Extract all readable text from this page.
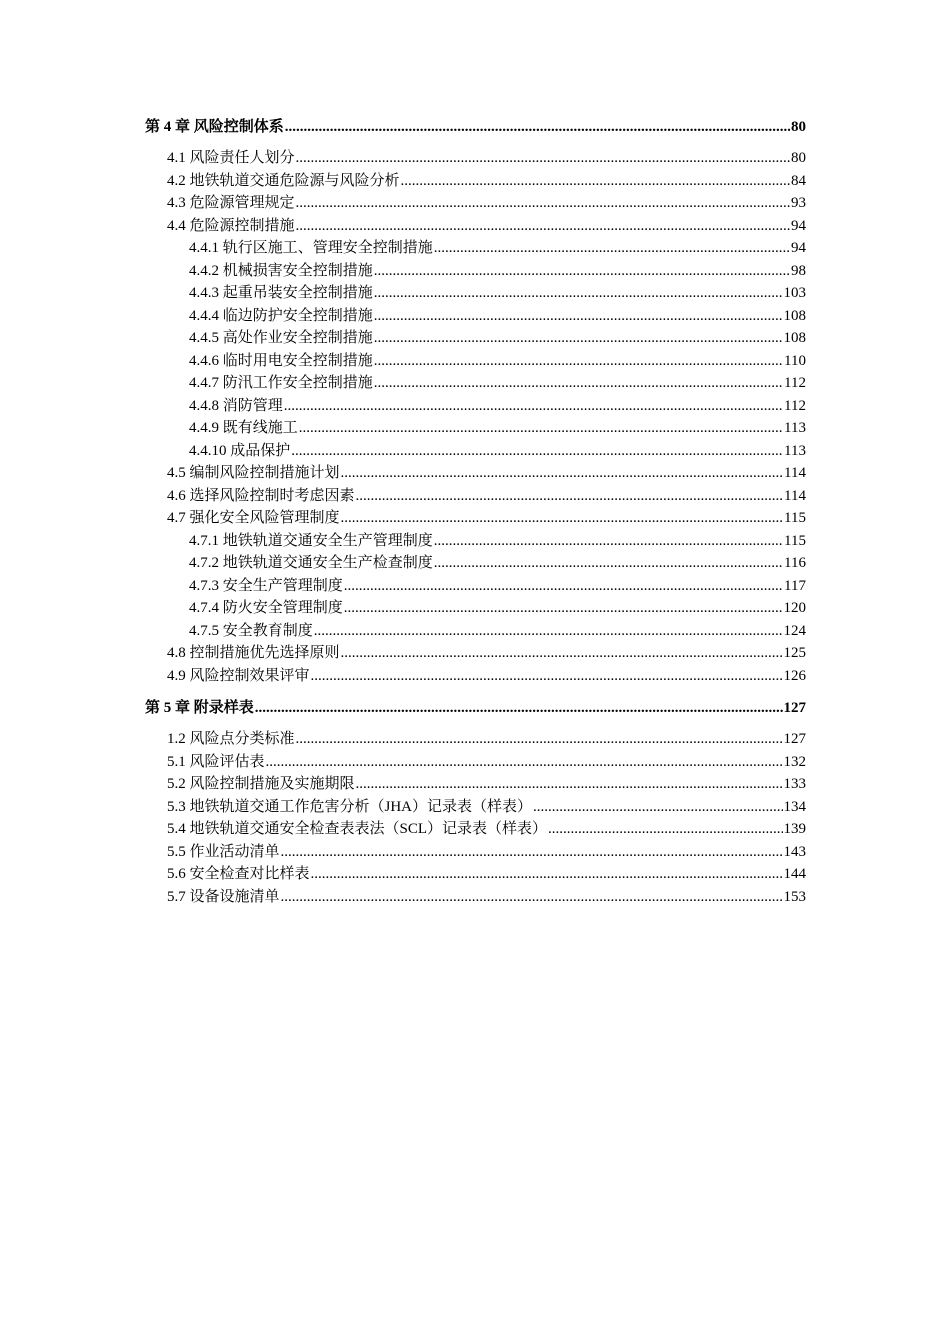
第 4 章 风险控制体系 .....	80
4.1 风险责任人划分 .....	80
4.2 地铁轨道交通危险源与风险分析 .....	84
4.3 危险源管理规定 .....	93
4.4 危险源控制措施 .....	94
4.4.1 轨行区施工、管理安全控制措施 .....	94
4.4.2 机械损害安全控制措施 .....	98
4.4.3 起重吊装安全控制措施 .....	103
4.4.4 临边防护安全控制措施 .....	108
4.4.5 高处作业安全控制措施 .....	108
4.4.6 临时用电安全控制措施 .....	110
4.4.7 防汛工作安全控制措施 .....	112
4.4.8 消防管理 .....	112
4.4.9 既有线施工 .....	113
4.4.10 成品保护 .....	113
4.5 编制风险控制措施计划 .....	114
4.6 选择风险控制时考虑因素 .....	114
4.7 强化安全风险管理制度 .....	115
4.7.1 地铁轨道交通安全生产管理制度 .....	115
4.7.2 地铁轨道交通安全生产检查制度 .....	116
4.7.3 安全生产管理制度 .....	117
4.7.4 防火安全管理制度 .....	120
4.7.5 安全教育制度 .....	124
4.8 控制措施优先选择原则 .....	125
4.9 风险控制效果评审 .....	126
第 5 章 附录样表 .....	127
1.2 风险点分类标准 .....	127
5.1 风险评估表 .....	132
5.2 风险控制措施及实施期限 .....	133
5.3 地铁轨道交通工作危害分析（JHA）记录表（样表） .....	134
5.4 地铁轨道交通安全检查表表法（SCL）记录表（样表） .....	139
5.5 作业活动清单 .....	143
5.6 安全检查对比样表 .....	144
5.7 设备设施清单 .....	153
